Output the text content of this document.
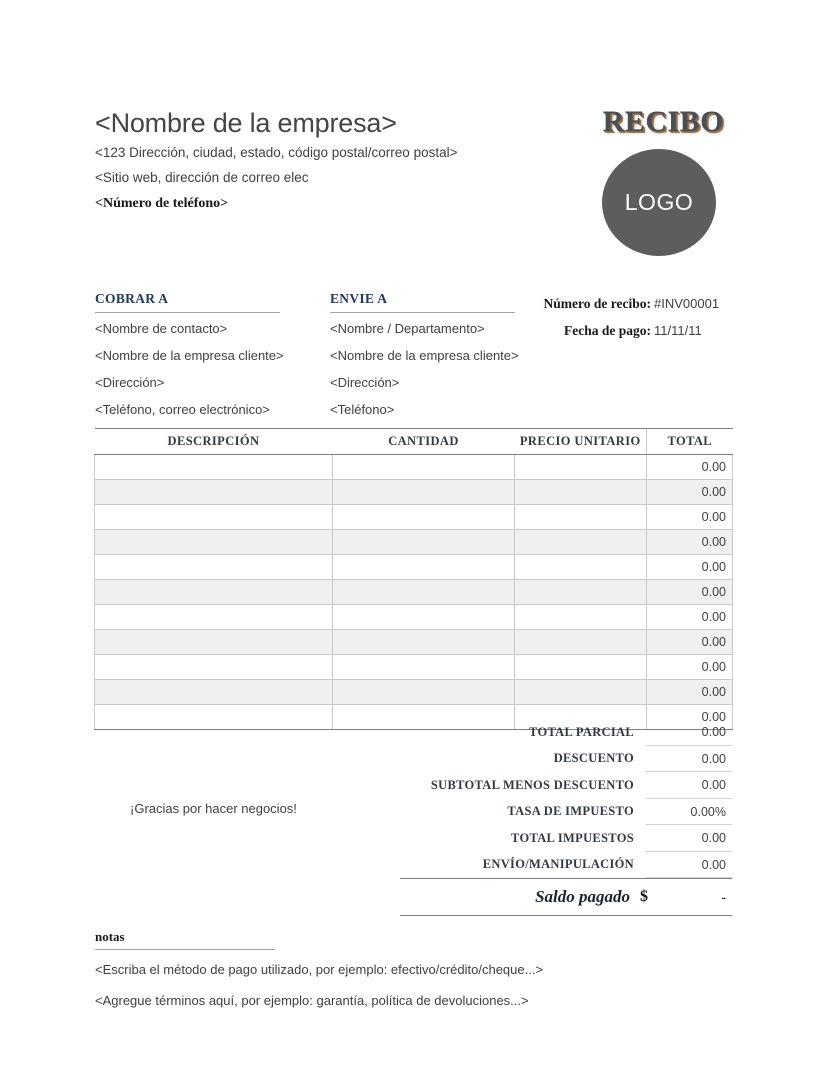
<Nombre de la empresa>
<123 Dirección, ciudad, estado, código postal/correo postal>
<Sitio web, dirección de correo elec
<Número de teléfono>
RECIBO
LOGO
COBRAR A
<Nombre de contacto>
<Nombre de la empresa cliente>
<Dirección>
<Teléfono, correo electrónico>
ENVIE A
<Nombre / Departamento>
<Nombre de la empresa cliente>
<Dirección>
<Teléfono>
Número de recibo: #INV00001
Fecha de pago: 11/11/11
DESCRIPCIÓN	CANTIDAD	PRECIO UNITARIO	TOTAL
			0.00
			0.00
			0.00
			0.00
			0.00
			0.00
			0.00
			0.00
			0.00
			0.00
			0.00
¡Gracias por hacer negocios!
TOTAL PARCIAL	0.00
DESCUENTO	0.00
SUBTOTAL MENOS DESCUENTO	0.00
TASA DE IMPUESTO	0.00%
TOTAL IMPUESTOS	0.00
ENVÍO/MANIPULACIÓN	0.00
Saldo pagado $	-
notas
<Escriba el método de pago utilizado, por ejemplo: efectivo/crédito/cheque...>
<Agregue términos aquí, por ejemplo: garantía, política de devoluciones...>
